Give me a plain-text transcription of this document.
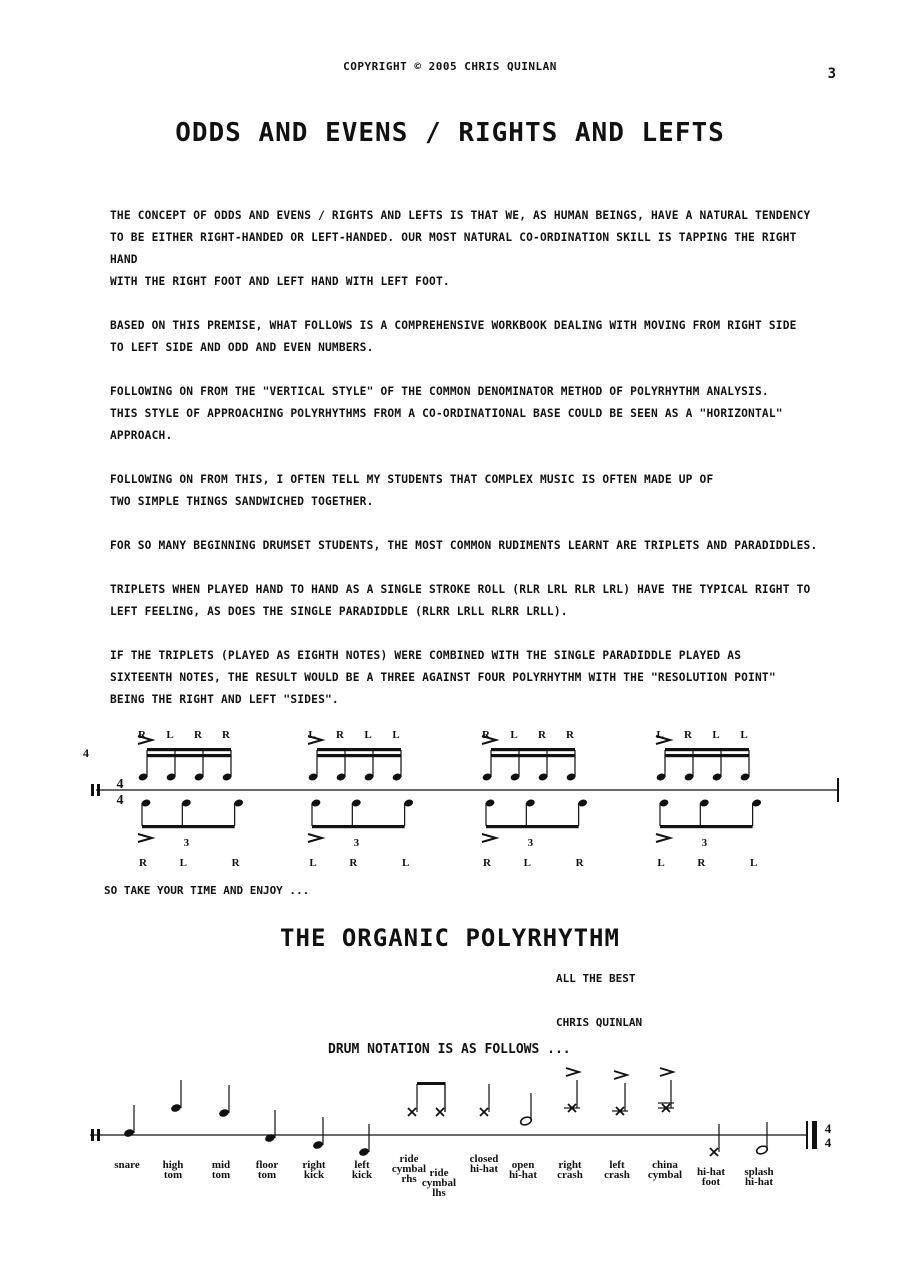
COPYRIGHT © 2005 CHRIS QUINLAN	3
ODDS AND EVENS / RIGHTS AND LEFTS

THE CONCEPT OF ODDS AND EVENS / RIGHTS AND LEFTS IS THAT WE, AS HUMAN BEINGS, HAVE A NATURAL TENDENCY
TO BE EITHER RIGHT-HANDED OR LEFT-HANDED. OUR MOST NATURAL CO-ORDINATION SKILL IS TAPPING THE RIGHT HAND
WITH THE RIGHT FOOT AND LEFT HAND WITH LEFT FOOT.

BASED ON THIS PREMISE, WHAT FOLLOWS IS A COMPREHENSIVE WORKBOOK DEALING WITH MOVING FROM RIGHT SIDE
TO LEFT SIDE AND ODD AND EVEN NUMBERS.

FOLLOWING ON FROM THE "VERTICAL STYLE" OF THE COMMON DENOMINATOR METHOD OF POLYRHYTHM ANALYSIS.
THIS STYLE OF APPROACHING POLYRHYTHMS FROM A CO-ORDINATIONAL BASE COULD BE SEEN AS A "HORIZONTAL" APPROACH.

FOLLOWING ON FROM THIS, I OFTEN TELL MY STUDENTS THAT COMPLEX MUSIC IS OFTEN MADE UP OF
TWO SIMPLE THINGS SANDWICHED TOGETHER.

FOR SO MANY BEGINNING DRUMSET STUDENTS, THE MOST COMMON RUDIMENTS LEARNT ARE TRIPLETS AND PARADIDDLES.

TRIPLETS WHEN PLAYED HAND TO HAND AS A SINGLE STROKE ROLL (RLR LRL RLR LRL) HAVE THE TYPICAL RIGHT TO
LEFT FEELING, AS DOES THE SINGLE PARADIDDLE (RLRR LRLL RLRR LRLL).

IF THE TRIPLETS (PLAYED AS EIGHTH NOTES) WERE COMBINED WITH THE SINGLE PARADIDDLE PLAYED AS
SIXTEENTH NOTES, THE RESULT WOULD BE A THREE AGAINST FOUR POLYRHYTHM WITH THE "RESOLUTION POINT"
BEING THE RIGHT AND LEFT "SIDES".

4
4
4
R L R R
R	L	R
3
L R L L
L	R	L
3
R L R R
R	L	R
3
L R L L
L	R	L
3
SO TAKE YOUR TIME AND ENJOY ...
THE ORGANIC POLYRHYTHM
ALL THE BEST
CHRIS QUINLAN
DRUM NOTATION IS AS FOLLOWS ...
4
4
snare high
tom
mid
tom
floor
tom
right
kick
left
kick
ride
cymbal
rhs ride
cymbal
lhs
closed
hi-hat open
hi-hat
right
crash
left
crash
china
cymbal hi-hat
foot
splash
hi-hat
